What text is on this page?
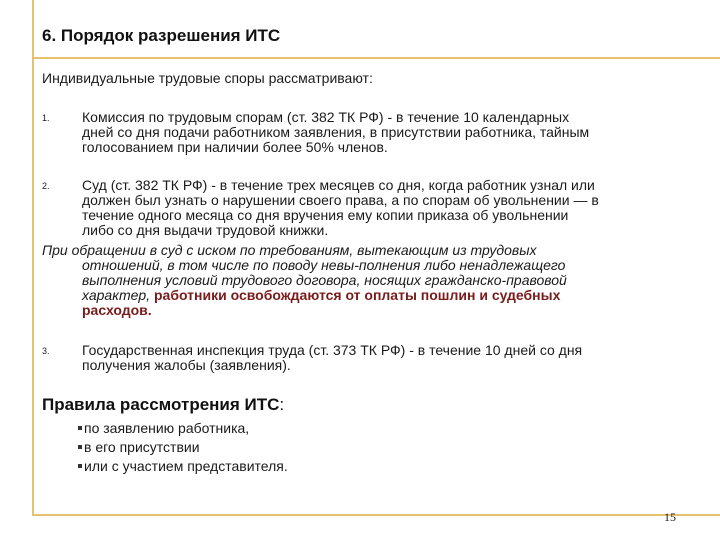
6. Порядок разрешения ИТС
Индивидуальные трудовые споры рассматривают:
1. Комиссия по трудовым спорам (ст. 382 ТК РФ) - в течение 10 календарных
дней со дня подачи работником заявления, в присутствии работника, тайным
голосованием при наличии более 50% членов.
2. Суд (ст. 382 ТК РФ) - в течение трех месяцев со дня, когда работник узнал или
должен был узнать о нарушении своего права, а по спорам об увольнении — в
течение одного месяца со дня вручения ему копии приказа об увольнении
либо со дня выдачи трудовой книжки.
При обращении в суд с иском по требованиям, вытекающим из трудовых
отношений, в том числе по поводу невы-полнения либо ненадлежащего
выполнения условий трудового договора, носящих гражданско-правовой
характер, работники освобождаются от оплаты пошлин и судебных
расходов.
3. Государственная инспекция труда (ст. 373 ТК РФ) - в течение 10 дней со дня
получения жалобы (заявления).
Правила рассмотрения ИТС:
по заявлению работника,
в его присутствии
или с участием представителя.
15
